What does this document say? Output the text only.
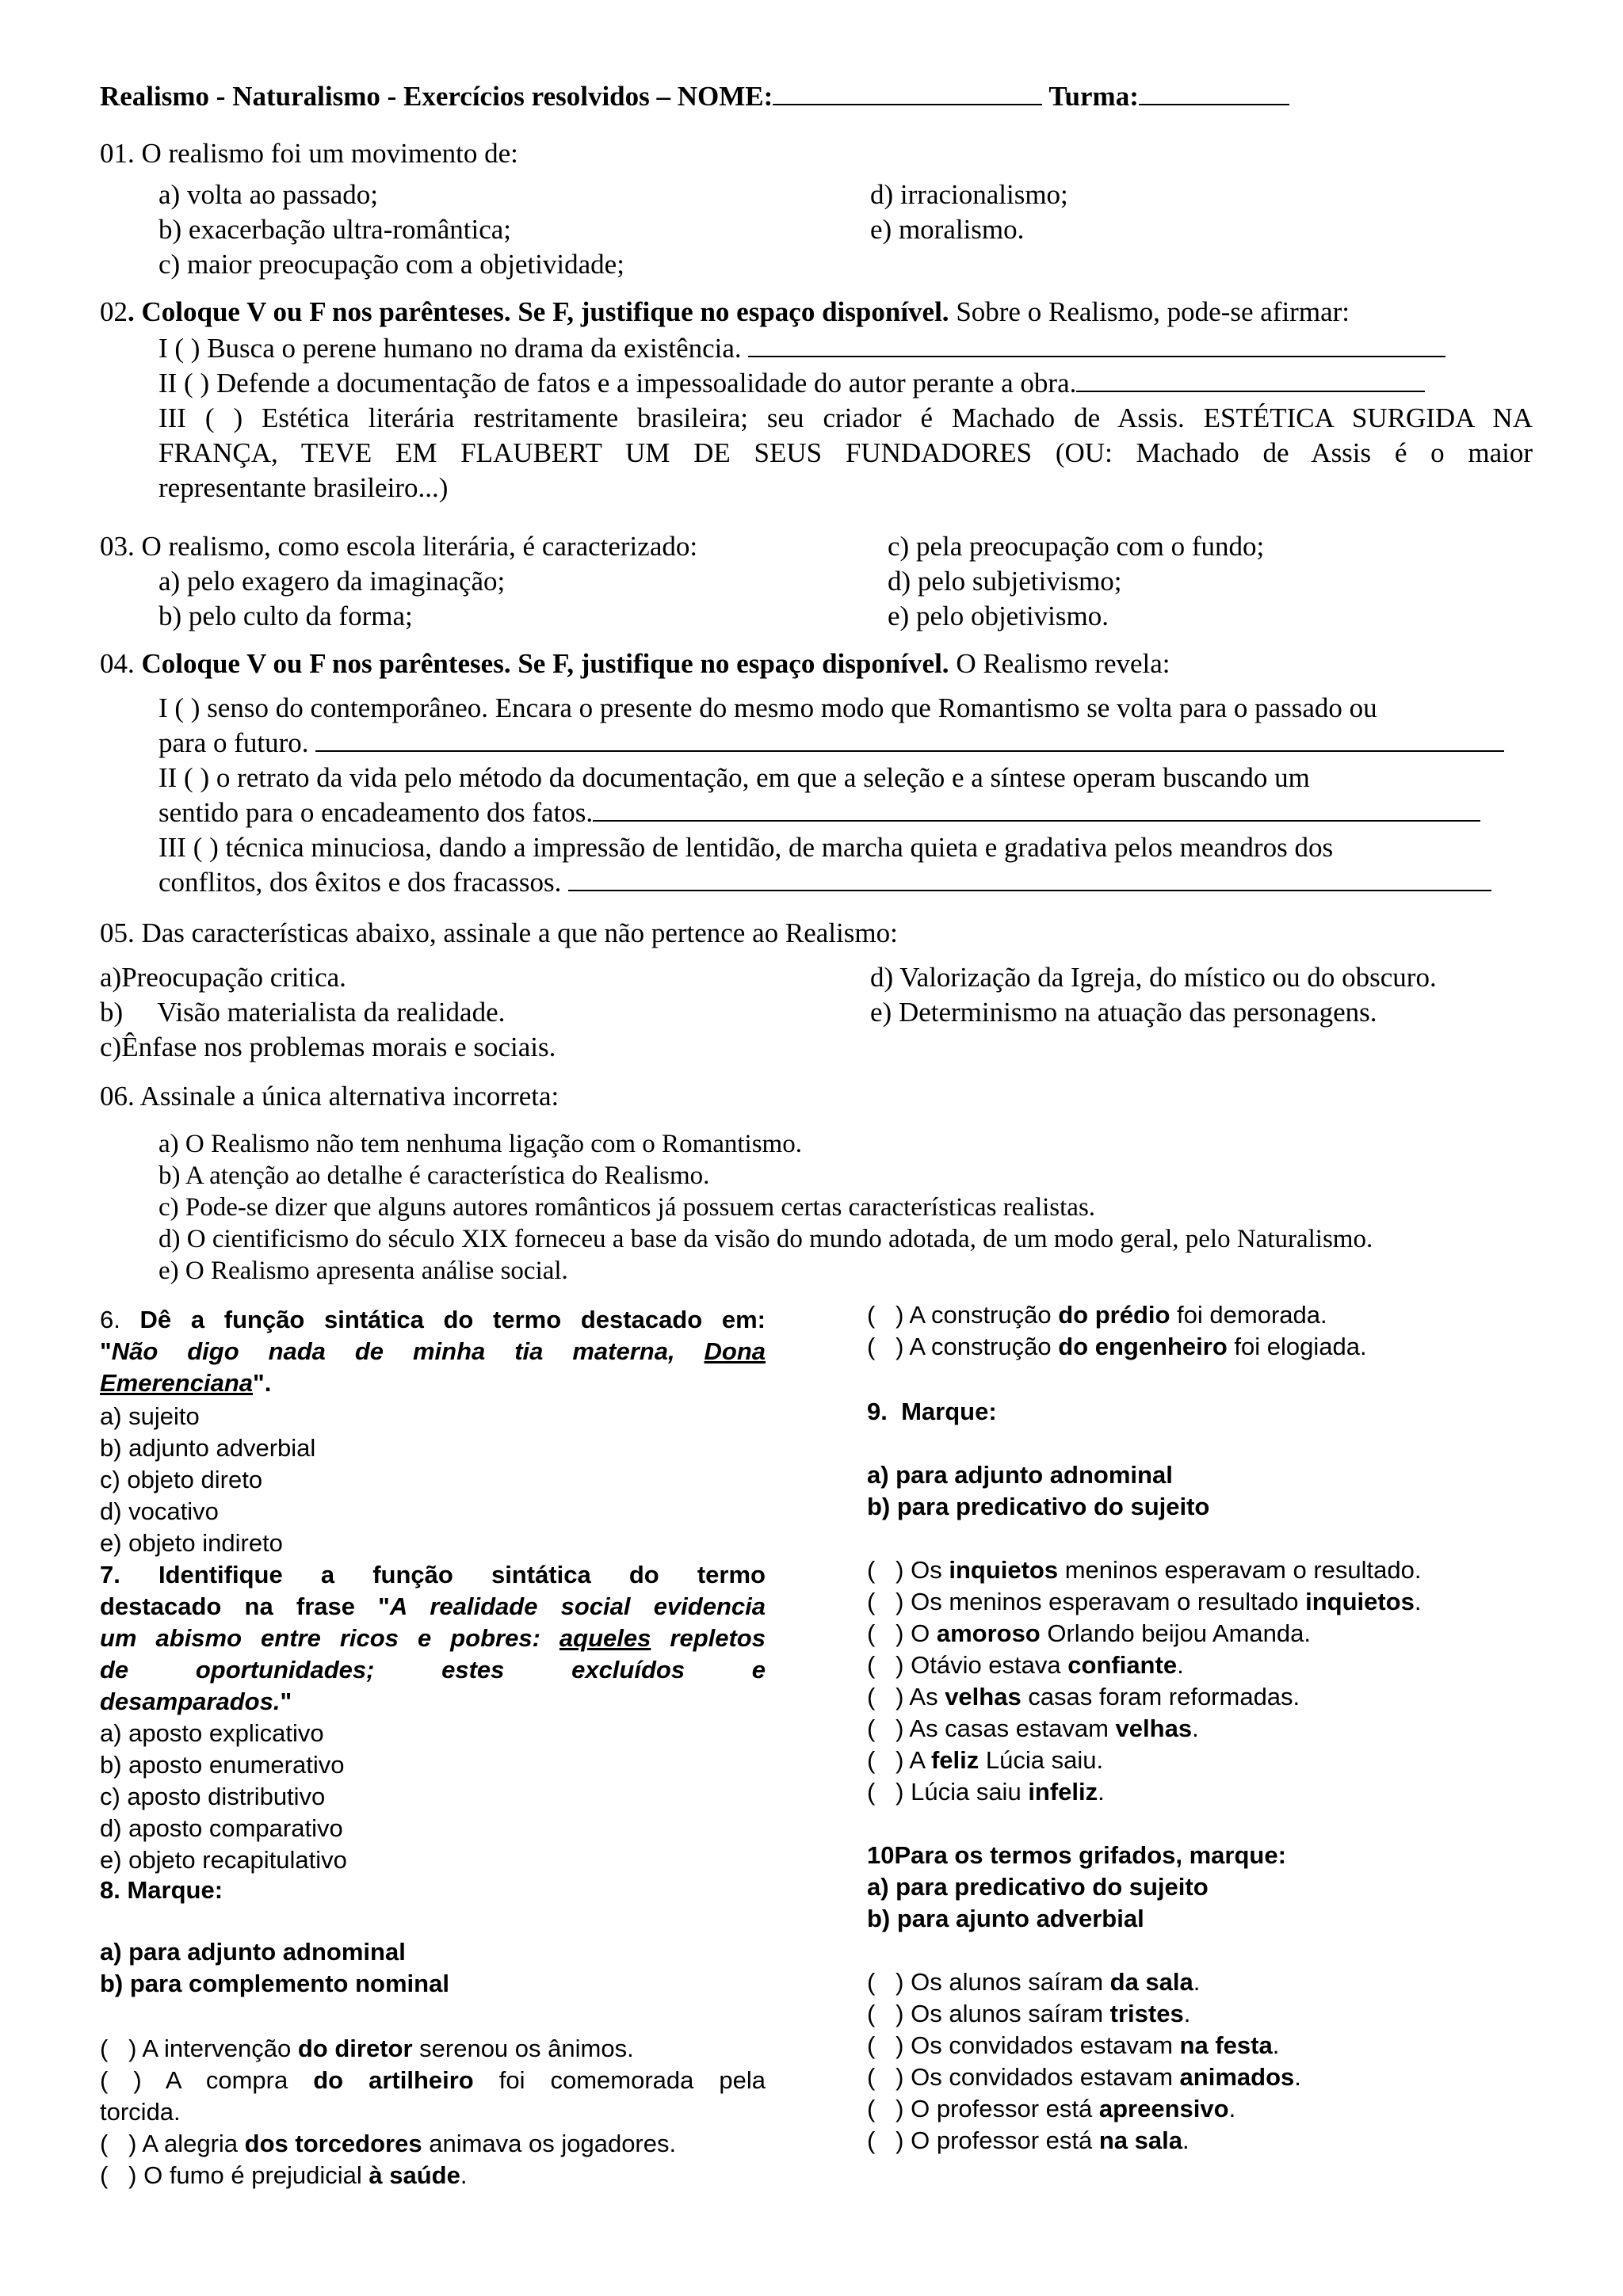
Realismo - Naturalismo - Exercícios resolvidos – NOME:	Turma:
01. O realismo foi um movimento de:
a) volta ao passado;
b) exacerbação ultra-romântica;
c) maior preocupação com a objetividade;
d) irracionalismo;
e) moralismo.
02. Coloque V ou F nos parênteses. Se F, justifique no espaço disponível. Sobre o Realismo, pode-se afirmar:
I ( ) Busca o perene humano no drama da existência.
II ( ) Defende a documentação de fatos e a impessoalidade do autor perante a obra.
III ( ) Estética literária restritamente brasileira; seu criador é Machado de Assis. ESTÉTICA SURGIDA NA
FRANÇA, TEVE EM FLAUBERT UM DE SEUS FUNDADORES (OU: Machado de Assis é o maior
representante brasileiro...)
03. O realismo, como escola literária, é caracterizado:
a) pelo exagero da imaginação;
b) pelo culto da forma;
c) pela preocupação com o fundo;
d) pelo subjetivismo;
e) pelo objetivismo.
04. Coloque V ou F nos parênteses. Se F, justifique no espaço disponível. O Realismo revela:
I ( ) senso do contemporâneo. Encara o presente do mesmo modo que Romantismo se volta para o passado ou
para o futuro.
II ( ) o retrato da vida pelo método da documentação, em que a seleção e a síntese operam buscando um
sentido para o encadeamento dos fatos.
III ( ) técnica minuciosa, dando a impressão de lentidão, de marcha quieta e gradativa pelos meandros dos
conflitos, dos êxitos e dos fracassos.
05. Das características abaixo, assinale a que não pertence ao Realismo:
a)Preocupação critica.
b)     Visão materialista da realidade.
c)Ênfase nos problemas morais e sociais.
d) Valorização da Igreja, do místico ou do obscuro.
e) Determinismo na atuação das personagens.
06. Assinale a única alternativa incorreta:
a) O Realismo não tem nenhuma ligação com o Romantismo.
b) A atenção ao detalhe é característica do Realismo.
c) Pode-se dizer que alguns autores românticos já possuem certas características realistas.
d) O cientificismo do século XIX forneceu a base da visão do mundo adotada, de um modo geral, pelo Naturalismo.
e) O Realismo apresenta análise social.
6. Dê a função sintática do termo destacado em:
"Não digo nada de minha tia materna, Dona
Emerenciana".
a) sujeito
b) adjunto adverbial
c) objeto direto
d) vocativo
e) objeto indireto
7. Identifique a função sintática do termo
destacado na frase "A realidade social evidencia
um abismo entre ricos e pobres: aqueles repletos
de oportunidades; estes excluídos e
desamparados."
a) aposto explicativo
b) aposto enumerativo
c) aposto distributivo
d) aposto comparativo
e) objeto recapitulativo
8. Marque:
a) para adjunto adnominal
b) para complemento nominal
(   ) A intervenção do diretor serenou os ânimos.
( ) A compra do artilheiro foi comemorada pela
torcida.
(   ) A alegria dos torcedores animava os jogadores.
(   ) O fumo é prejudicial à saúde.
(   ) A construção do prédio foi demorada.
(   ) A construção do engenheiro foi elogiada.
9.  Marque:
a) para adjunto adnominal
b) para predicativo do sujeito
(   ) Os inquietos meninos esperavam o resultado.
(   ) Os meninos esperavam o resultado inquietos.
(   ) O amoroso Orlando beijou Amanda.
(   ) Otávio estava confiante.
(   ) As velhas casas foram reformadas.
(   ) As casas estavam velhas.
(   ) A feliz Lúcia saiu.
(   ) Lúcia saiu infeliz.
10Para os termos grifados, marque:
a) para predicativo do sujeito
b) para ajunto adverbial
(   ) Os alunos saíram da sala.
(   ) Os alunos saíram tristes.
(   ) Os convidados estavam na festa.
(   ) Os convidados estavam animados.
(   ) O professor está apreensivo.
(   ) O professor está na sala.
